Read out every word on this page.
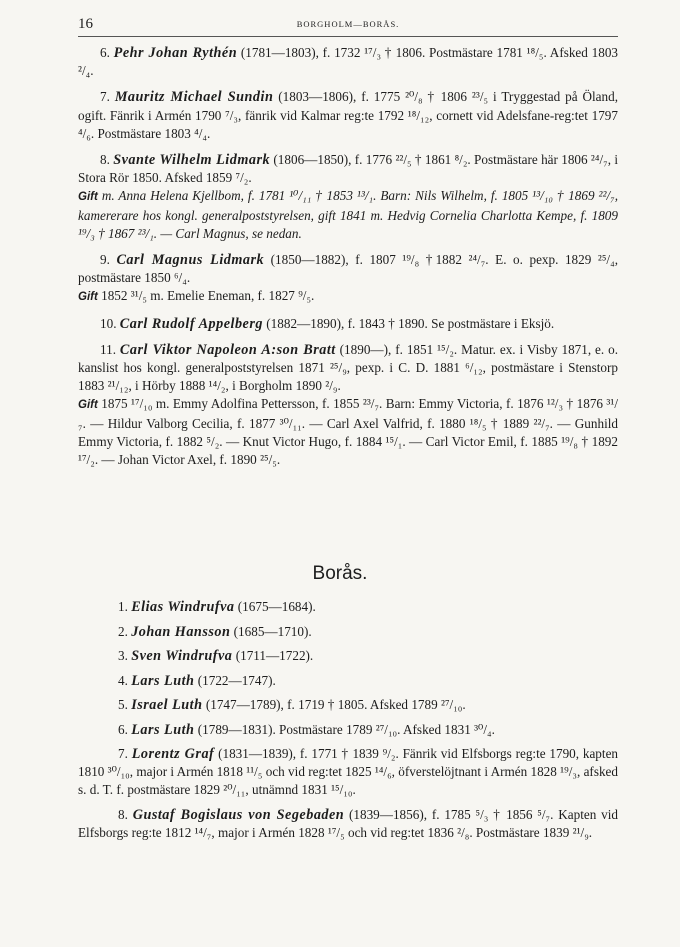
16	BORGHOLM—BORÅS.

6. Pehr Johan Rythén (1781—1803), f. 1732 ¹⁷/₃ † 1806. Postmästare 1781 ¹⁸/₅. Afsked 1803 ²/₄.

7. Mauritz Michael Sundin (1803—1806), f. 1775 ²⁰/₈ † 1806 ²³/₅ i Tryggestad på Öland, ogift. Fänrik i Armén 1790 ⁷/₃, fänrik vid Kalmar reg:te 1792 ¹⁸/₁₂, cornett vid Adelsfane-reg:tet 1797 ⁴/₆. Postmästare 1803 ⁴/₄.

8. Svante Wilhelm Lidmark (1806—1850), f. 1776 ²²/₅ † 1861 ⁸/₂. Postmästare här 1806 ²⁴/₇, i Stora Rör 1850. Afsked 1859 ⁷/₂.

Gift m. Anna Helena Kjellbom, f. 1781 ¹⁰/₁₁ † 1853 ¹³/₁. Barn: Nils Wilhelm, f. 1805 ¹³/₁₀ † 1869 ²²/₇, kamererare hos kongl. generalpoststyrelsen, gift 1841 m. Hedvig Cornelia Charlotta Kempe, f. 1809 ¹⁹/₃ † 1867 ²³/₁. — Carl Magnus, se nedan.

9. Carl Magnus Lidmark (1850—1882), f. 1807 ¹⁹/₈ †1882 ²⁴/₇. E. o. pexp. 1829 ²⁵/₄, postmästare 1850 ⁶/₄.

Gift 1852 ³¹/₅ m. Emelie Eneman, f. 1827 ⁹/₅.

10. Carl Rudolf Appelberg (1882—1890), f. 1843 † 1890. Se postmästare i Eksjö.

11. Carl Viktor Napoleon A:son Bratt (1890—), f. 1851 ¹⁵/₂. Matur. ex. i Visby 1871, e. o. kanslist hos kongl. generalpoststyrelsen 1871 ²⁵/₉, pexp. i C. D. 1881 ⁶/₁₂, postmästare i Stenstorp 1883 ²¹/₁₂, i Hörby 1888 ¹⁴/₂, i Borgholm 1890 ²/₉.

Gift 1875 ¹⁷/₁₀ m. Emmy Adolfina Pettersson, f. 1855 ²³/₇. Barn: Emmy Victoria, f. 1876 ¹²/₃ † 1876 ³¹/₇. — Hildur Valborg Cecilia, f. 1877 ³⁰/₁₁. — Carl Axel Valfrid, f. 1880 ¹⁸/₅ † 1889 ²²/₇. — Gunhild Emmy Victoria, f. 1882 ⁵/₂. — Knut Victor Hugo, f. 1884 ¹⁵/₁. — Carl Victor Emil, f. 1885 ¹⁹/₈ † 1892 ¹⁷/₂. — Johan Victor Axel, f. 1890 ²⁵/₅.

Borås.
1. Elias Windrufva (1675—1684).
2. Johan Hansson (1685—1710).
3. Sven Windrufva (1711—1722).
4. Lars Luth (1722—1747).
5. Israel Luth (1747—1789), f. 1719 † 1805. Afsked 1789 ²⁷/₁₀.
6. Lars Luth (1789—1831). Postmästare 1789 ²⁷/₁₀. Afsked 1831 ³⁰/₄.

7. Lorentz Graf (1831—1839), f. 1771 † 1839 ⁹/₂. Fänrik vid Elfsborgs reg:te 1790, kapten 1810 ³⁰/₁₀, major i Armén 1818 ¹¹/₅ och vid reg:tet 1825 ¹⁴/₆, öfverstelöjtnant i Armén 1828 ¹⁹/₃, afsked s. d. T. f. postmästare 1829 ²⁰/₁₁, utnämnd 1831 ¹⁵/₁₀.

8. Gustaf Bogislaus von Segebaden (1839—1856), f. 1785 ⁵/₃ † 1856 ⁵/₇. Kapten vid Elfsborgs reg:te 1812 ¹⁴/₇, major i Armén 1828 ¹⁷/₅ och vid reg:tet 1836 ²/₈. Postmästare 1839 ²¹/₉.
